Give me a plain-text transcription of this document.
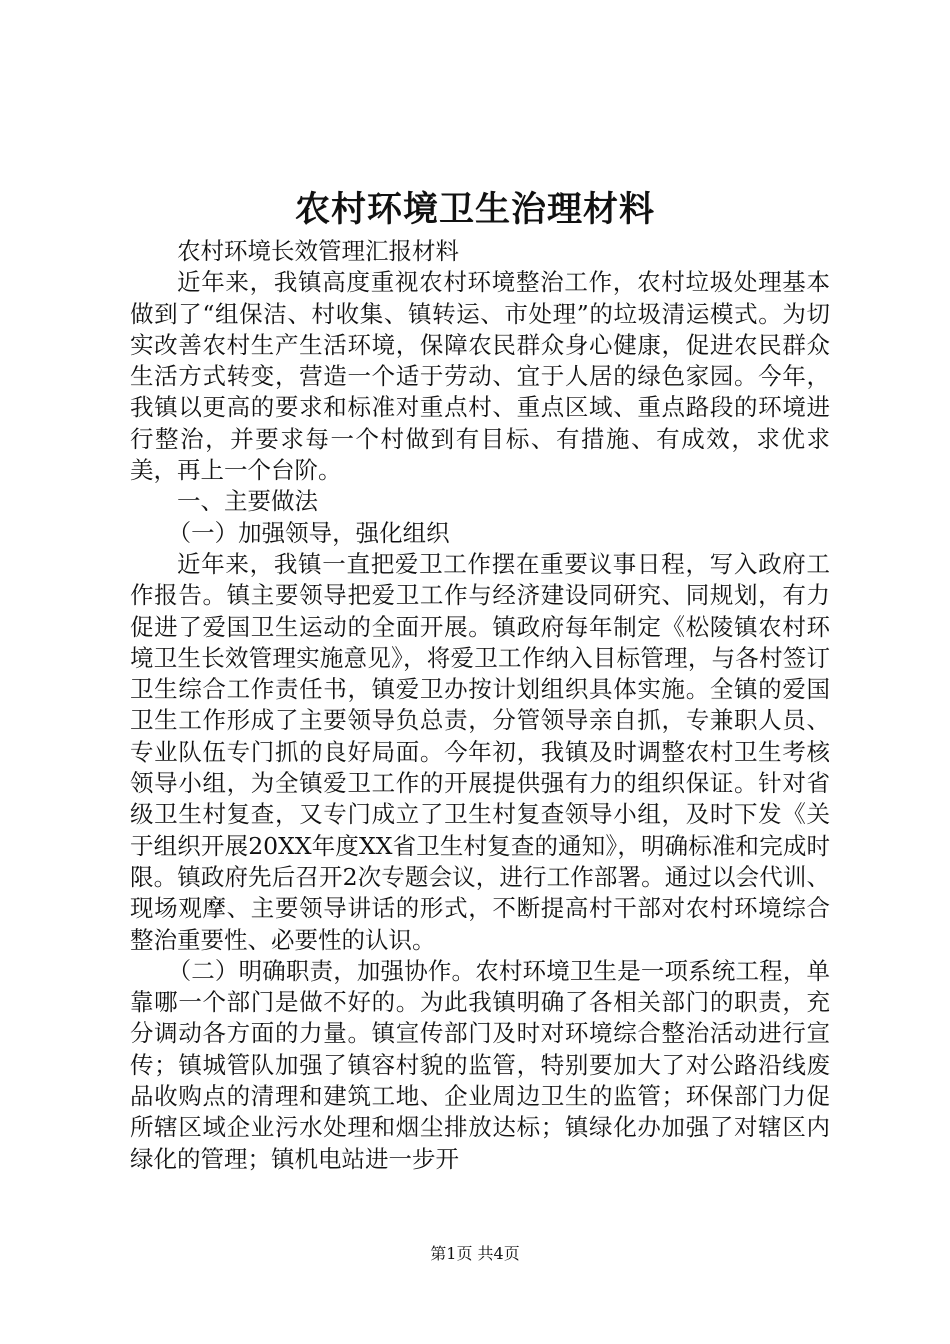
农村环境卫生治理材料

农村环境长效管理汇报材料

近年来，我镇高度重视农村环境整治工作，农村垃圾处理基本做到了“组保洁、村收集、镇转运、市处理”的垃圾清运模式。为切实改善农村生产生活环境，保障农民群众身心健康，促进农民群众生活方式转变，营造一个适于劳动、宜于人居的绿色家园。今年，我镇以更高的要求和标准对重点村、重点区域、重点路段的环境进行整治，并要求每一个村做到有目标、有措施、有成效，求优求美，再上一个台阶。

一、主要做法

（一）加强领导，强化组织

近年来，我镇一直把爱卫工作摆在重要议事日程，写入政府工作报告。镇主要领导把爱卫工作与经济建设同研究、同规划，有力促进了爱国卫生运动的全面开展。镇政府每年制定《松陵镇农村环境卫生长效管理实施意见》，将爱卫工作纳入目标管理，与各村签订卫生综合工作责任书，镇爱卫办按计划组织具体实施。全镇的爱国卫生工作形成了主要领导负总责，分管领导亲自抓，专兼职人员、专业队伍专门抓的良好局面。今年初，我镇及时调整农村卫生考核领导小组，为全镇爱卫工作的开展提供强有力的组织保证。针对省级卫生村复查，又专门成立了卫生村复查领导小组，及时下发《关于组织开展20XX年度XX省卫生村复查的通知》，明确标准和完成时限。镇政府先后召开2次专题会议，进行工作部署。通过以会代训、现场观摩、主要领导讲话的形式，不断提高村干部对农村环境综合整治重要性、必要性的认识。

（二）明确职责，加强协作。农村环境卫生是一项系统工程，单靠哪一个部门是做不好的。为此我镇明确了各相关部门的职责，充分调动各方面的力量。镇宣传部门及时对环境综合整治活动进行宣传；镇城管队加强了镇容村貌的监管，特别要加大了对公路沿线废品收购点的清理和建筑工地、企业周边卫生的监管；环保部门力促所辖区域企业污水处理和烟尘排放达标；镇绿化办加强了对辖区内绿化的管理；镇机电站进一步开

第1页 共4页
